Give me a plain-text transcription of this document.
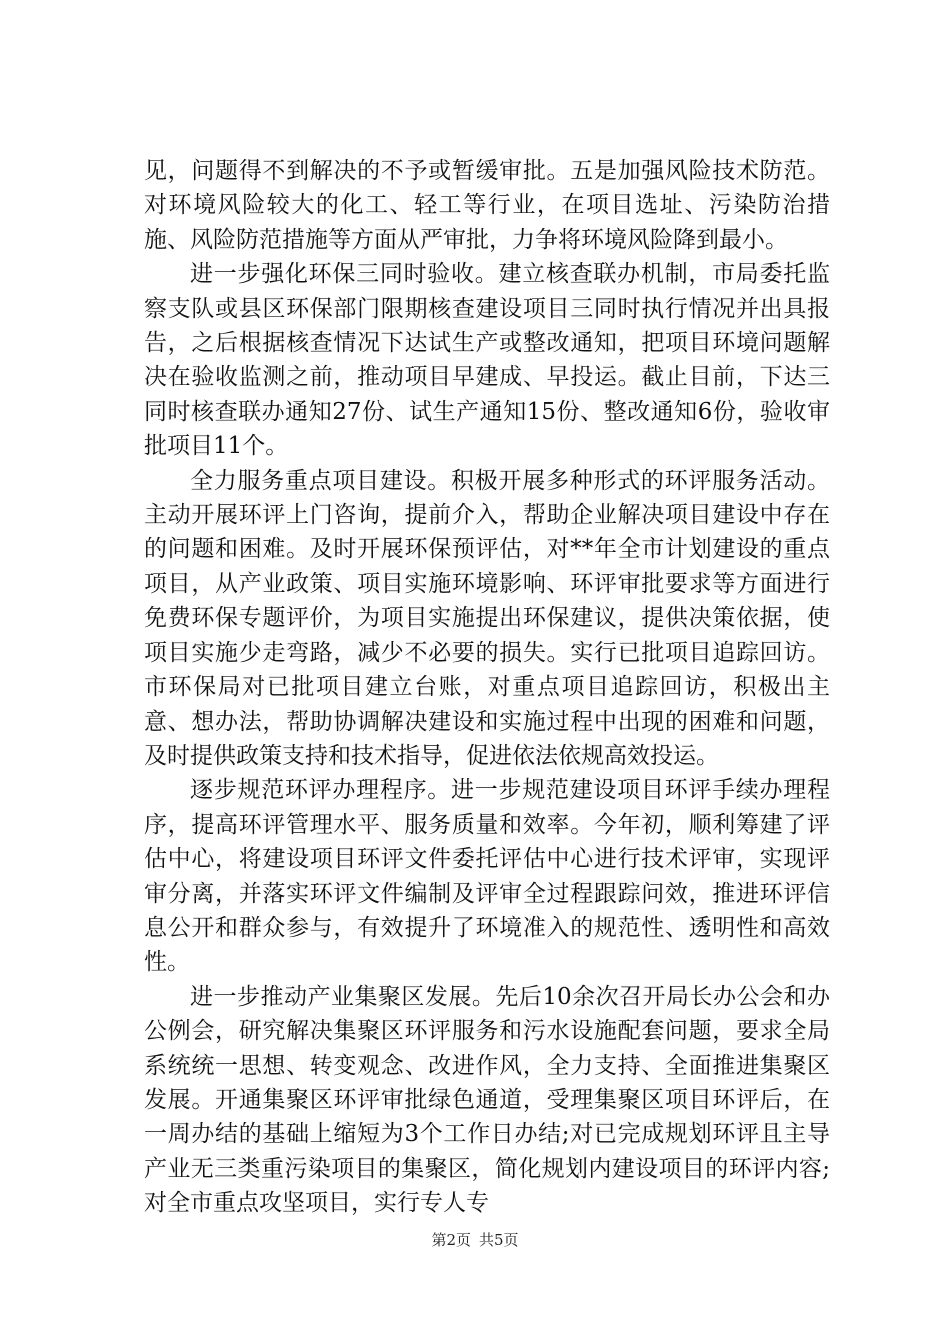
见，问题得不到解决的不予或暂缓审批。五是加强风险技术防范。对环境风险较大的化工、轻工等行业，在项目选址、污染防治措施、风险防范措施等方面从严审批，力争将环境风险降到最小。

进一步强化环保三同时验收。建立核查联办机制，市局委托监察支队或县区环保部门限期核查建设项目三同时执行情况并出具报告，之后根据核查情况下达试生产或整改通知，把项目环境问题解决在验收监测之前，推动项目早建成、早投运。截止目前，下达三同时核查联办通知27份、试生产通知15份、整改通知6份，验收审批项目11个。

全力服务重点项目建设。积极开展多种形式的环评服务活动。主动开展环评上门咨询，提前介入，帮助企业解决项目建设中存在的问题和困难。及时开展环保预评估，对**年全市计划建设的重点项目，从产业政策、项目实施环境影响、环评审批要求等方面进行免费环保专题评价，为项目实施提出环保建议，提供决策依据，使项目实施少走弯路，减少不必要的损失。实行已批项目追踪回访。市环保局对已批项目建立台账，对重点项目追踪回访，积极出主意、想办法，帮助协调解决建设和实施过程中出现的困难和问题，及时提供政策支持和技术指导，促进依法依规高效投运。

逐步规范环评办理程序。进一步规范建设项目环评手续办理程序，提高环评管理水平、服务质量和效率。今年初，顺利筹建了评估中心，将建设项目环评文件委托评估中心进行技术评审，实现评审分离，并落实环评文件编制及评审全过程跟踪问效，推进环评信息公开和群众参与，有效提升了环境准入的规范性、透明性和高效性。

进一步推动产业集聚区发展。先后10余次召开局长办公会和办公例会，研究解决集聚区环评服务和污水设施配套问题，要求全局系统统一思想、转变观念、改进作风，全力支持、全面推进集聚区发展。开通集聚区环评审批绿色通道，受理集聚区项目环评后，在一周办结的基础上缩短为3个工作日办结;对已完成规划环评且主导产业无三类重污染项目的集聚区，简化规划内建设项目的环评内容;对全市重点攻坚项目，实行专人专

第2页 共5页
